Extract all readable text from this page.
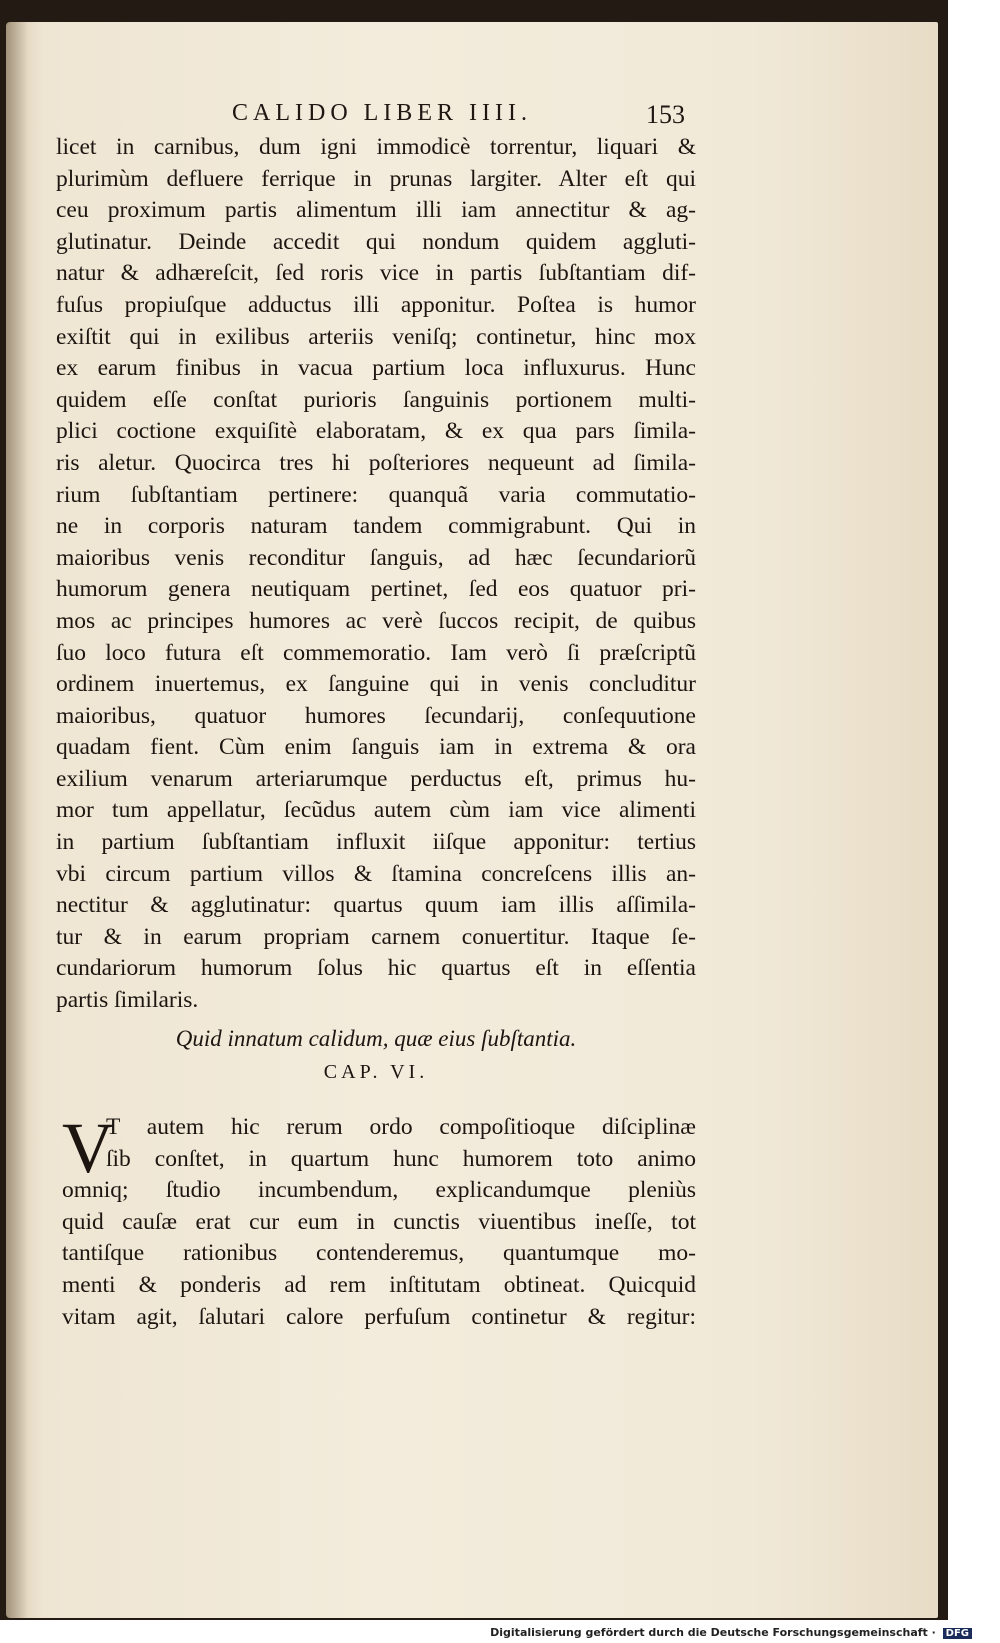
CALIDO LIBER IIII.	153
licet in carnibus, dum igni immodicè torrentur, liquari &
plurimùm defluere ferrique in prunas largiter. Alter eſt qui
ceu proximum partis alimentum illi iam annectitur & ag-
glutinatur. Deinde accedit qui nondum quidem aggluti-
natur & adhæreſcit, ſed roris vice in partis ſubſtantiam dif-
fuſus propiuſque adductus illi apponitur. Poſtea is humor
exiſtit qui in exilibus arteriis veniſq; continetur, hinc mox
ex earum finibus in vacua partium loca influxurus. Hunc
quidem eſſe conſtat purioris ſanguinis portionem multi-
plici coctione exquiſitè elaboratam, & ex qua pars ſimila-
ris aletur. Quocirca tres hi poſteriores nequeunt ad ſimila-
rium ſubſtantiam pertinere: quanquã varia commutatio-
ne in corporis naturam tandem commigrabunt. Qui in
maioribus venis reconditur ſanguis, ad hæc ſecundariorũ
humorum genera neutiquam pertinet, ſed eos quatuor pri-
mos ac principes humores ac verè ſuccos recipit, de quibus
ſuo loco futura eſt commemoratio. Iam verò ſi præſcriptũ
ordinem inuertemus, ex ſanguine qui in venis concluditur
maioribus, quatuor humores ſecundarij, conſequutione
quadam fient. Cùm enim ſanguis iam in extrema & ora
exilium venarum arteriarumque perductus eſt, primus hu-
mor tum appellatur, ſecũdus autem cùm iam vice alimenti
in partium ſubſtantiam influxit iiſque apponitur: tertius
vbi circum partium villos & ſtamina concreſcens illis an-
nectitur & agglutinatur: quartus quum iam illis aſſimila-
tur & in earum propriam carnem conuertitur. Itaque ſe-
cundariorum humorum ſolus hic quartus eſt in eſſentia
partis ſimilaris.
Quid innatum calidum, quæ eius ſubſtantia.
CAP. VI.
V
T autem hic rerum ordo compoſitioque diſciplinæ
ſib conſtet, in quartum hunc humorem toto animo
omniq; ſtudio incumbendum, explicandumque pleniùs
quid cauſæ erat cur eum in cunctis viuentibus ineſſe, tot
tantiſque rationibus contenderemus, quantumque mo-
menti & ponderis ad rem inſtitutam obtineat. Quicquid
vitam agit, ſalutari calore perfuſum continetur & regitur:
Digitalisierung gefördert durch die Deutsche Forschungsgemeinschaft · DFG
